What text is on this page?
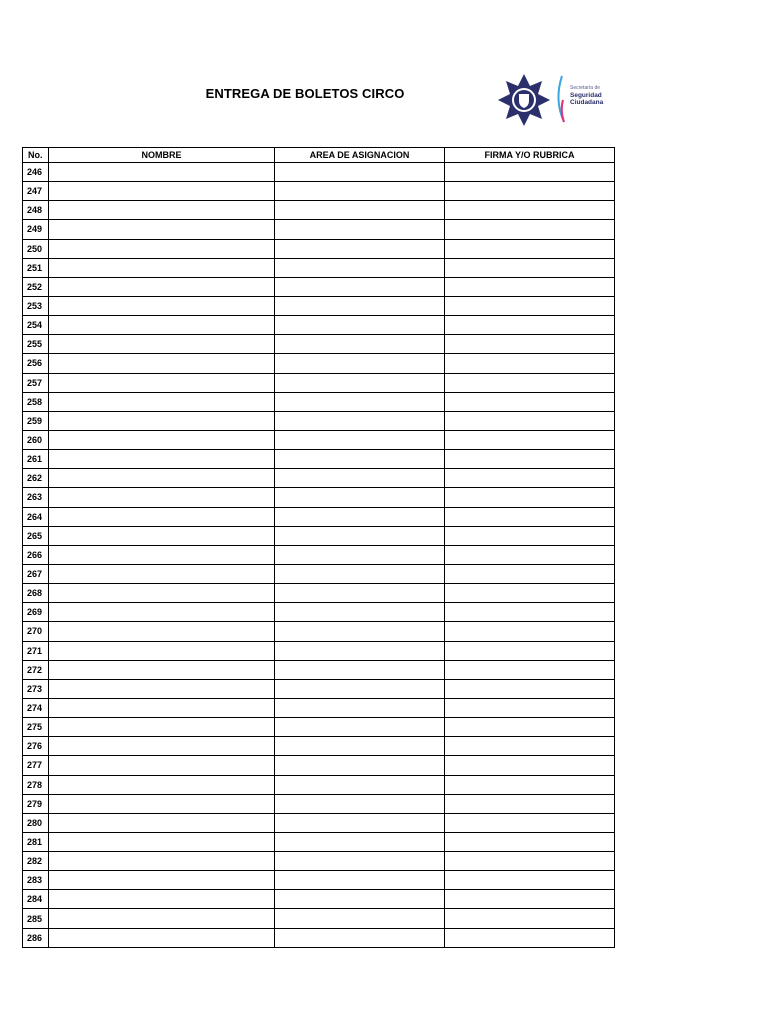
ENTREGA DE BOLETOS CIRCO	Secretaría de
Seguridad
Ciudadana
No.	NOMBRE	AREA DE ASIGNACION	FIRMA Y/O RUBRICA
246			
247			
248			
249			
250			
251			
252			
253			
254			
255			
256			
257			
258			
259			
260			
261			
262			
263			
264			
265			
266			
267			
268			
269			
270			
271			
272			
273			
274			
275			
276			
277			
278			
279			
280			
281			
282			
283			
284			
285			
286			
